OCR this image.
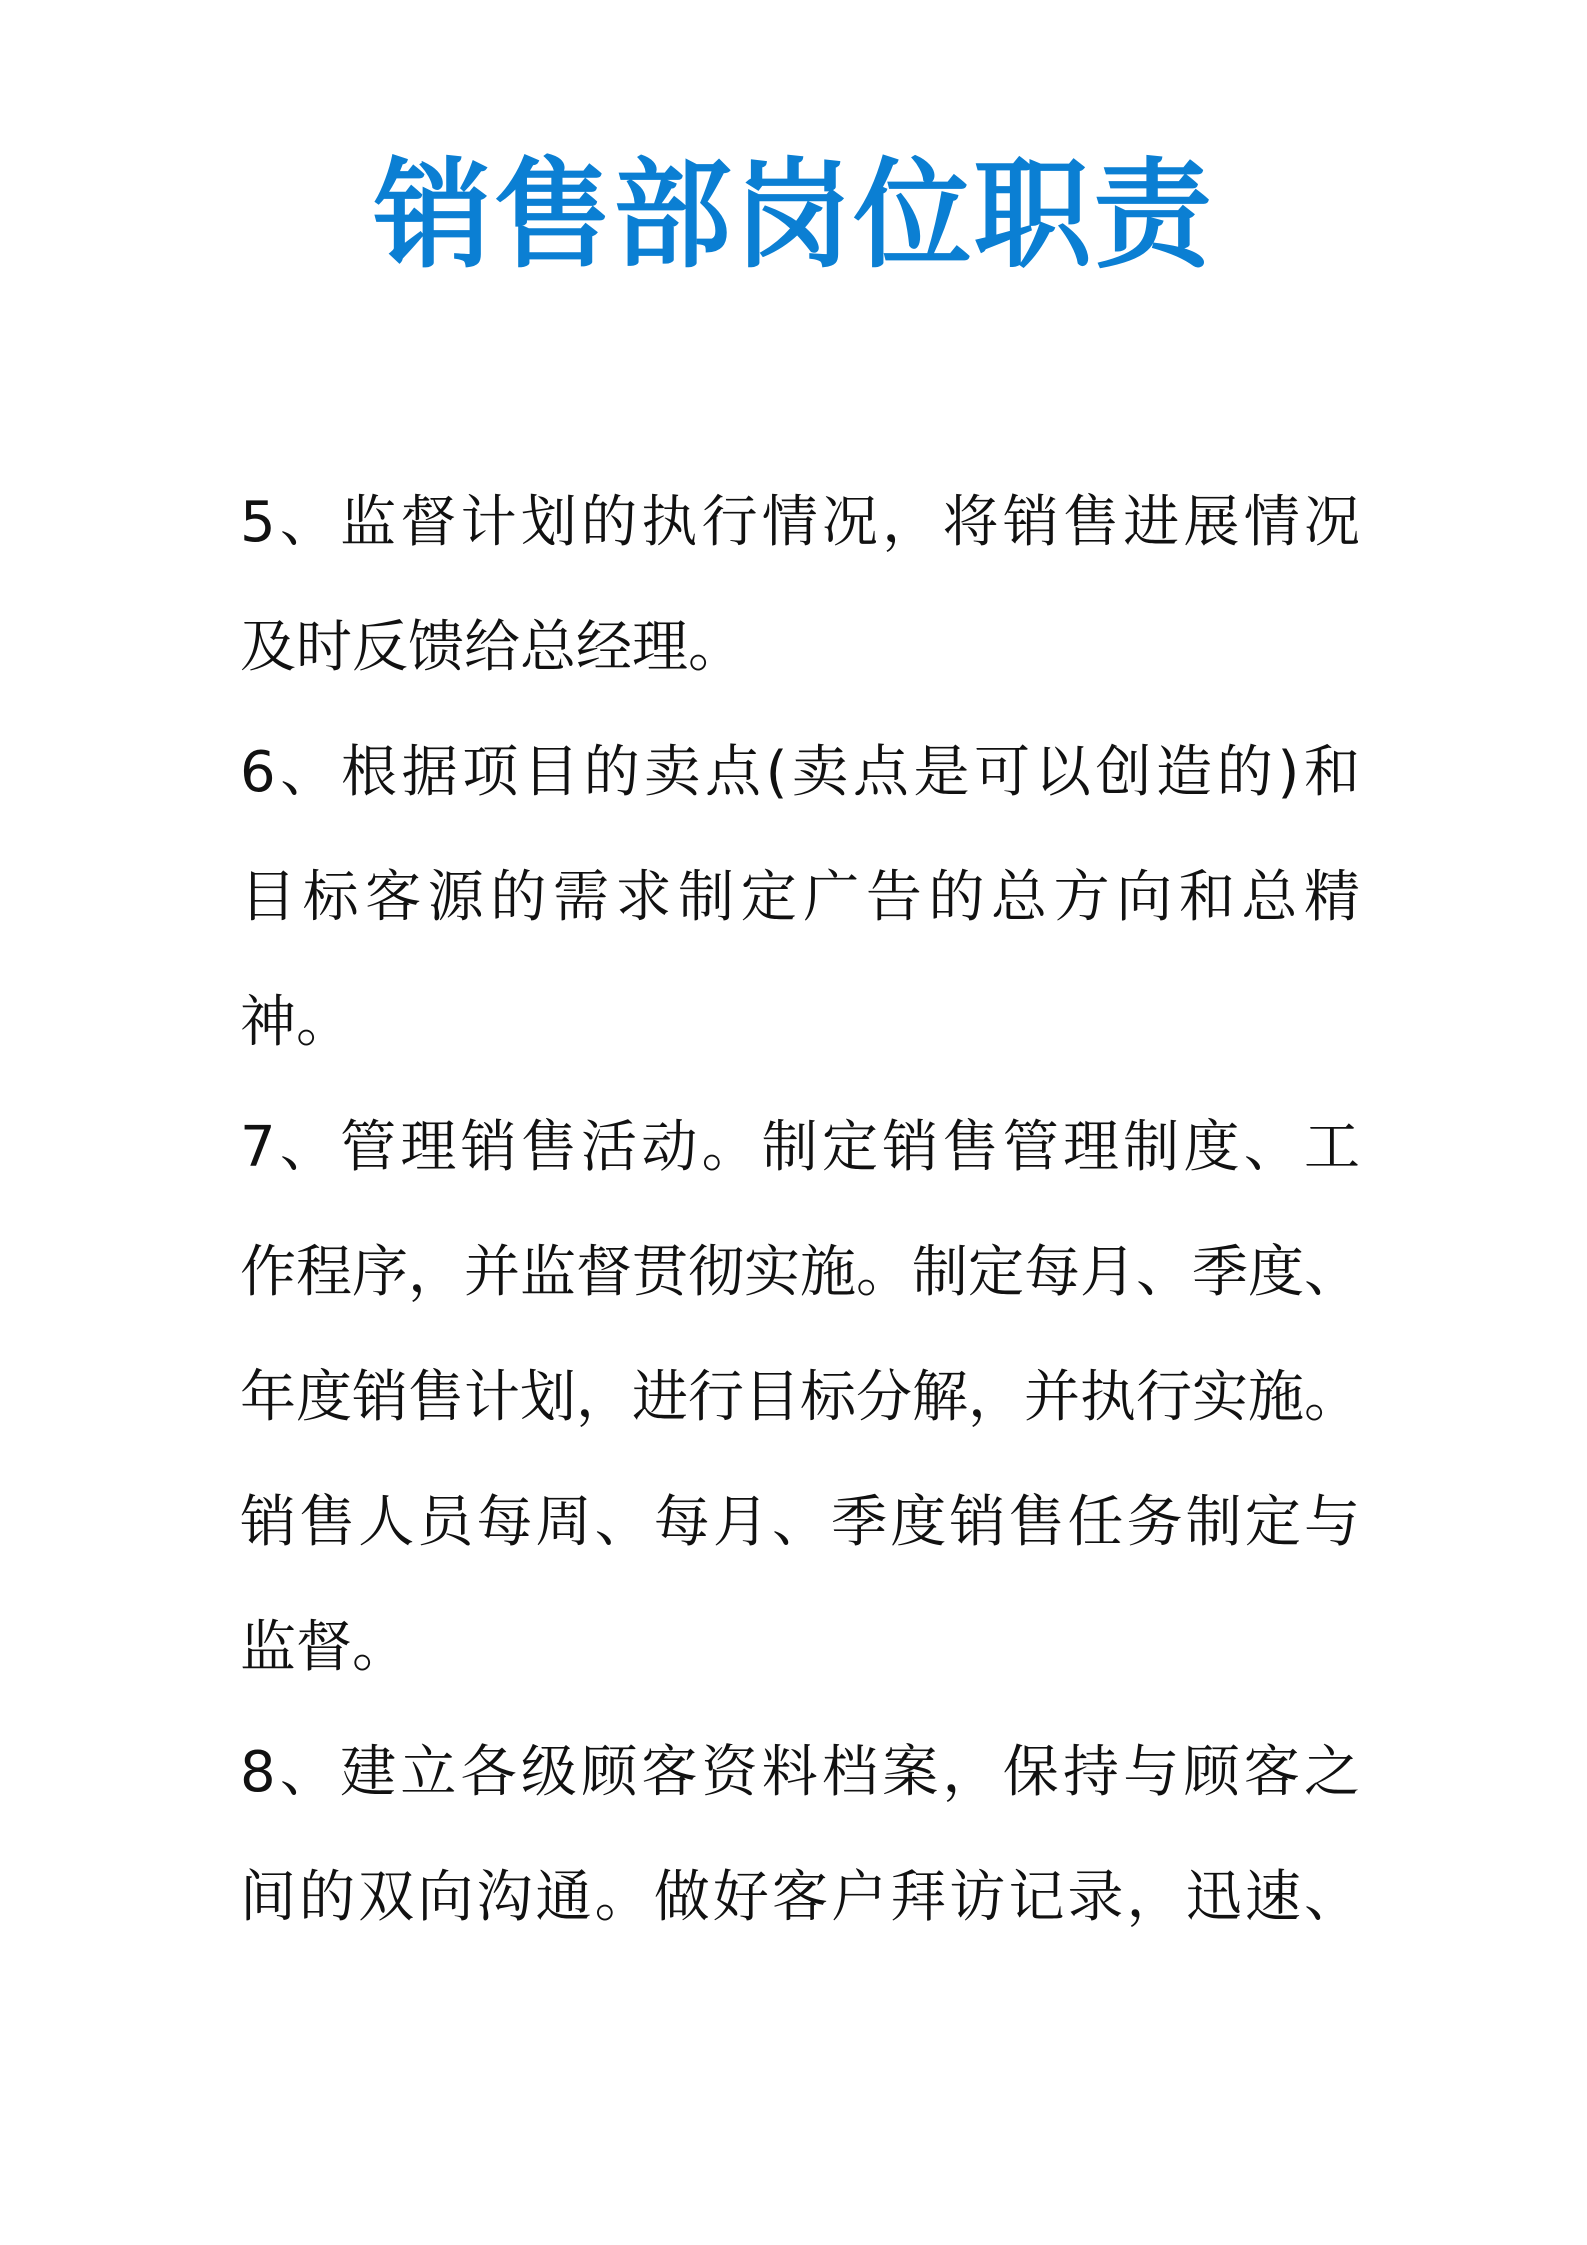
销售部岗位职责
5、监督计划的执行情况，将销售进展情况
及时反馈给总经理。
6、根据项目的卖点(卖点是可以创造的)和
目标客源的需求制定广告的总方向和总精
神。
7、管理销售活动。制定销售管理制度、工
作程序，并监督贯彻实施。制定每月、季度、
年度销售计划，进行目标分解，并执行实施。
销售人员每周、每月、季度销售任务制定与
监督。
8、建立各级顾客资料档案，保持与顾客之
间的双向沟通。做好客户拜访记录，迅速、
